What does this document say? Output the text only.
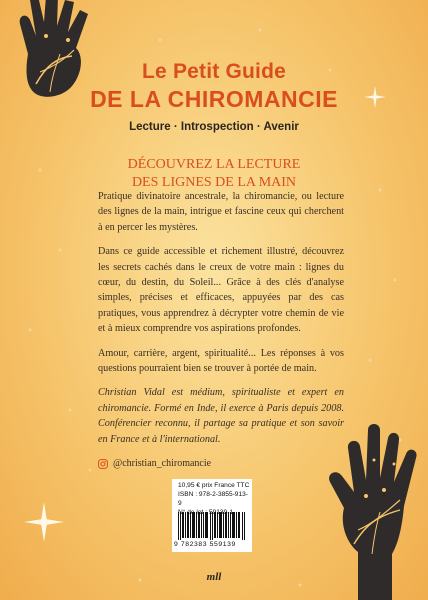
Le Petit Guide
DE LA CHIROMANCIE
Lecture · Introspection · Avenir
DÉCOUVREZ LA LECTURE
DES LIGNES DE LA MAIN

Pratique divinatoire ancestrale, la chiromancie, ou lecture des lignes de la main, intrigue et fascine ceux qui cherchent à en percer les mystères.

Dans ce guide accessible et richement illustré, découvrez les secrets cachés dans le creux de votre main : lignes du cœur, du destin, du Soleil... Grâce à des clés d'analyse simples, précises et efficaces, appuyées par des cas pratiques, vous apprendrez à décrypter votre chemin de vie et à mieux comprendre vos aspirations profondes.

Amour, carrière, argent, spiritualité... Les réponses à vos questions pourraient bien se trouver à portée de main.

Christian Vidal est médium, spiritualiste et expert en chiromancie. Formé en Inde, il exerce à Paris depuis 2008. Conférencier reconnu, il partage sa pratique et son savoir en France et à l'international.

@christian_chiromancie
10,95 € prix France TTC
ISBN : 978-2-3855-913-9
N°
9 782383 559139
mll
